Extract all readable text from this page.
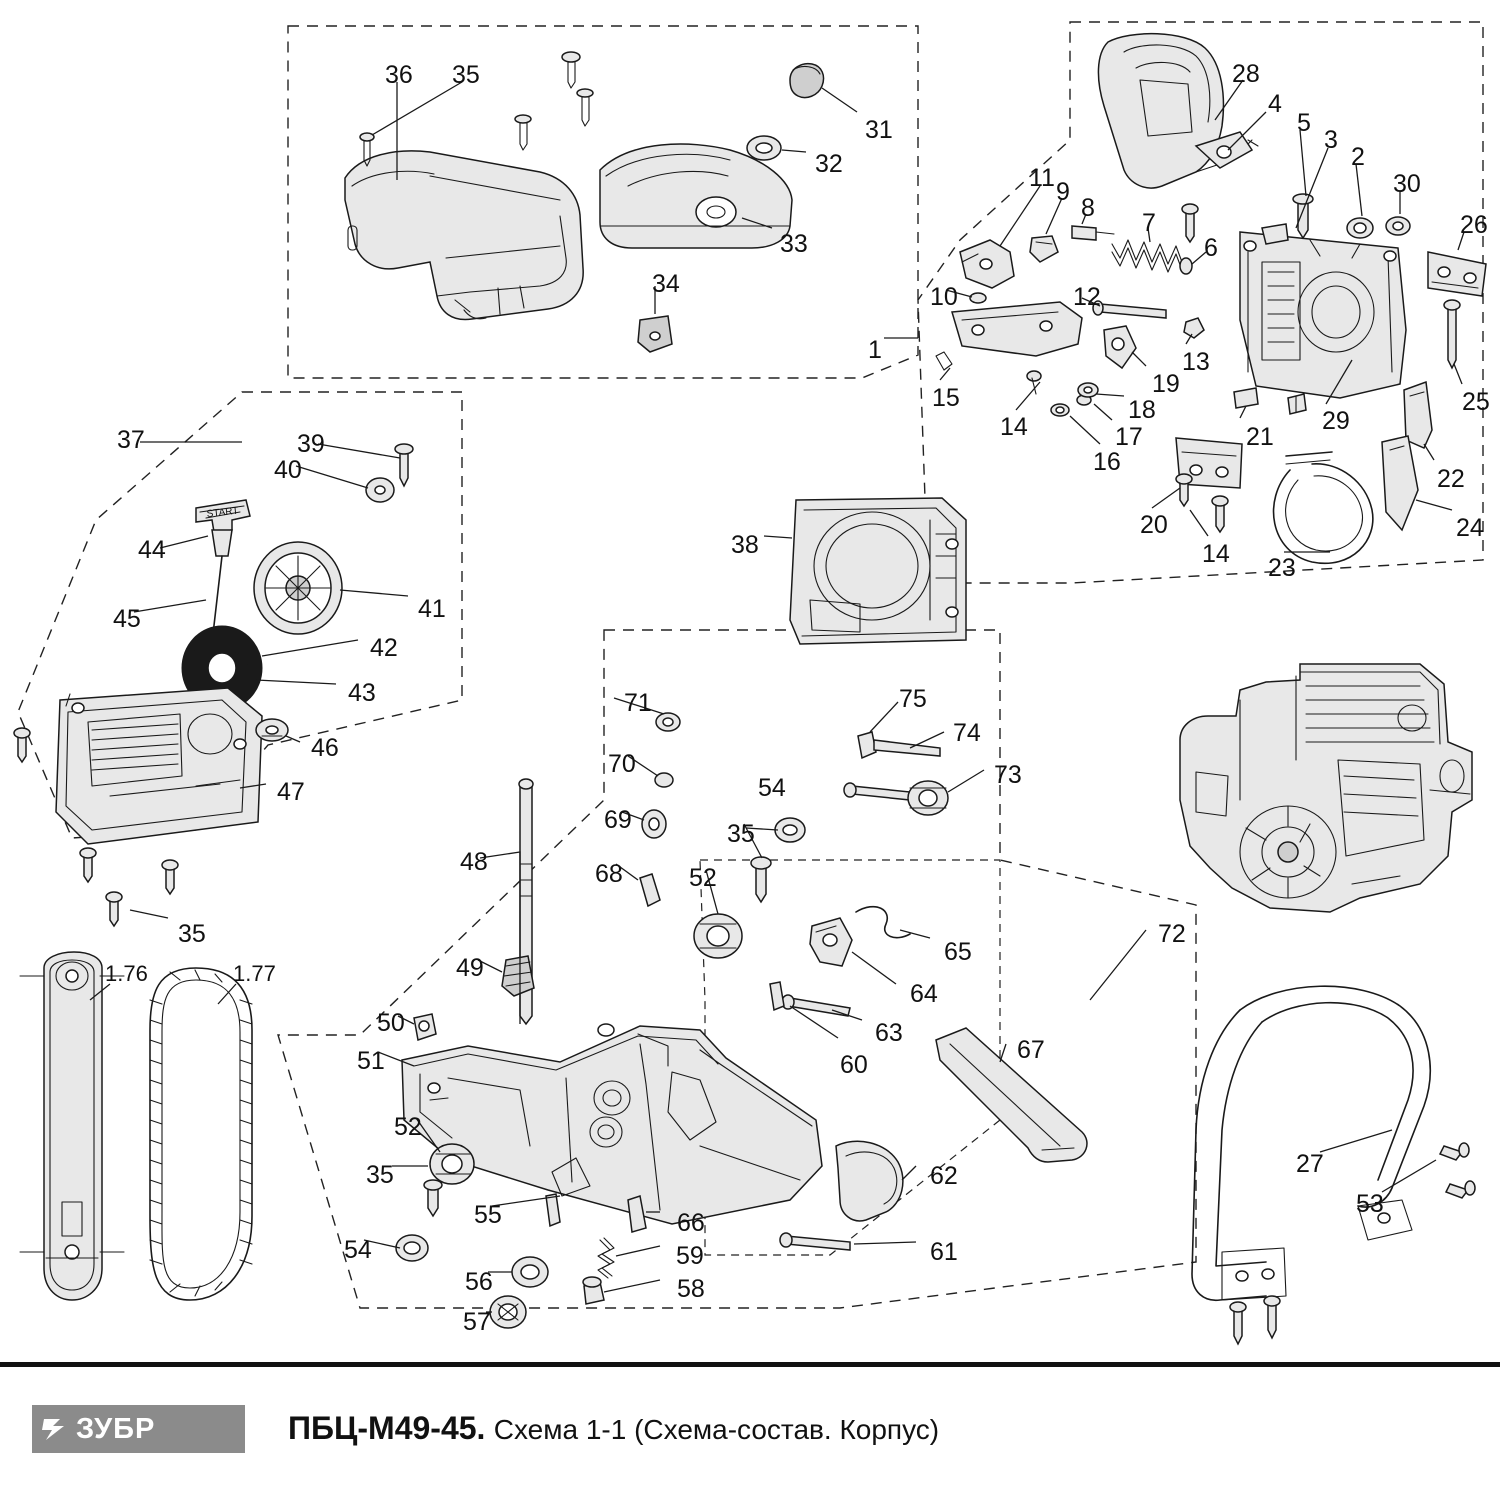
START
36 35
31
32
33
34
28
4
5
3
2
30
26
11 9
8
7
6
10	12
1	13
19
15	18	29
14	17	21
16
25
22
20	24
14 23
37	39
40
38
44
41
45
42
43
46
47
35
71	75
74
70	73
54
69	35
48	68	52
72
49
65
64
50	63
67
51	60
1.76	1.77
52
35	62
55
27
54
66
61
53
56
59
58
57
ЗУБР	ПБЦ-М49-45. Схема 1-1 (Схема-состав. Корпус)
